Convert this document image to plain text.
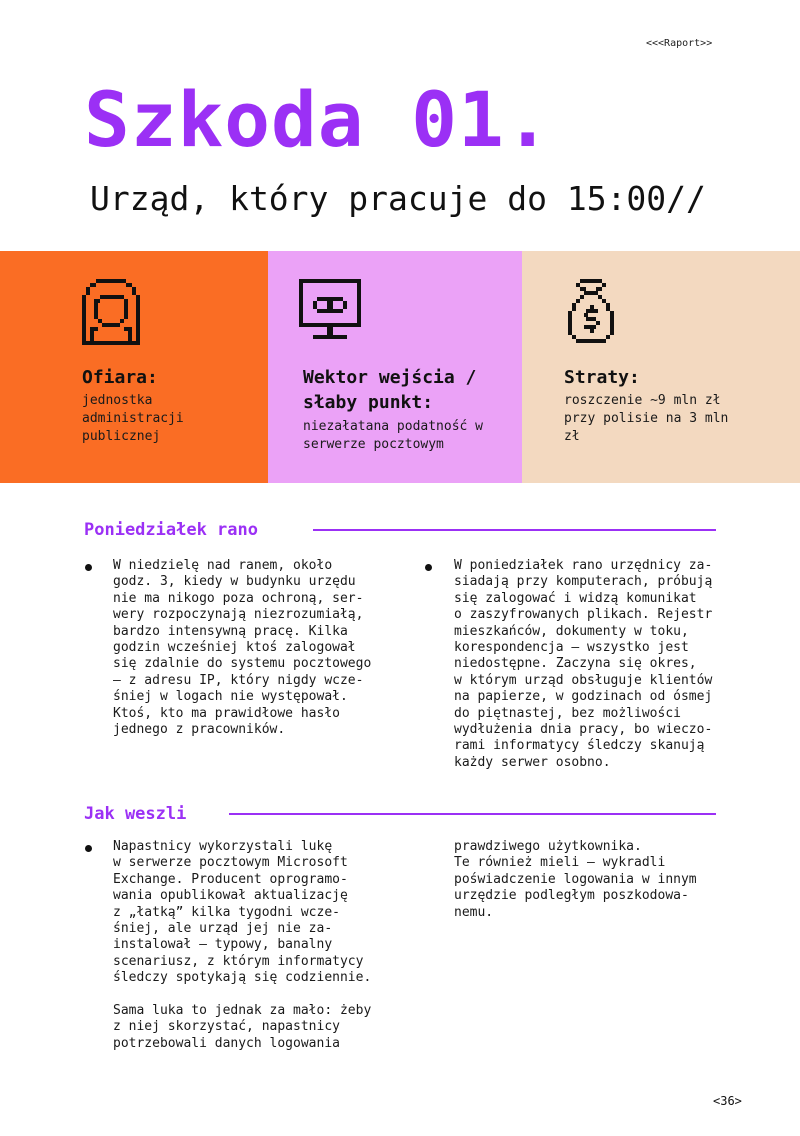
<<<Raport>>
Szkoda 01.
Urząd, który pracuje do 15:00//
Ofiara:
jednostka administracji publicznej
Wektor wejścia / słaby punkt:
niezałatana podatność w serwerze pocztowym
Straty:
roszczenie ~9 mln zł przy polisie na 3 mln zł
Poniedziałek rano
W niedzielę nad ranem, około
godz. 3, kiedy w budynku urzędu
nie ma nikogo poza ochroną, ser-
wery rozpoczynają niezrozumiałą,
bardzo intensywną pracę. Kilka
godzin wcześniej ktoś zalogował
się zdalnie do systemu pocztowego
— z adresu IP, który nigdy wcze-
śniej w logach nie występował.
Ktoś, kto ma prawidłowe hasło
jednego z pracowników.
W poniedziałek rano urzędnicy za-
siadają przy komputerach, próbują
się zalogować i widzą komunikat
o zaszyfrowanych plikach. Rejestr
mieszkańców, dokumenty w toku,
korespondencja — wszystko jest
niedostępne. Zaczyna się okres,
w którym urząd obsługuje klientów
na papierze, w godzinach od ósmej
do piętnastej, bez możliwości
wydłużenia dnia pracy, bo wieczo-
rami informatycy śledczy skanują
każdy serwer osobno.
Jak weszli
Napastnicy wykorzystali lukę
w serwerze pocztowym Microsoft
Exchange. Producent oprogramo-
wania opublikował aktualizację
z „łatką” kilka tygodni wcze-
śniej, ale urząd jej nie za-
instalował — typowy, banalny
scenariusz, z którym informatycy
śledczy spotykają się codziennie.

Sama luka to jednak za mało: żeby
z niej skorzystać, napastnicy
potrzebowali danych logowania
prawdziwego użytkownika.
Te również mieli — wykradli
poświadczenie logowania w innym
urzędzie podległym poszkodowa-
nemu.
<36>
